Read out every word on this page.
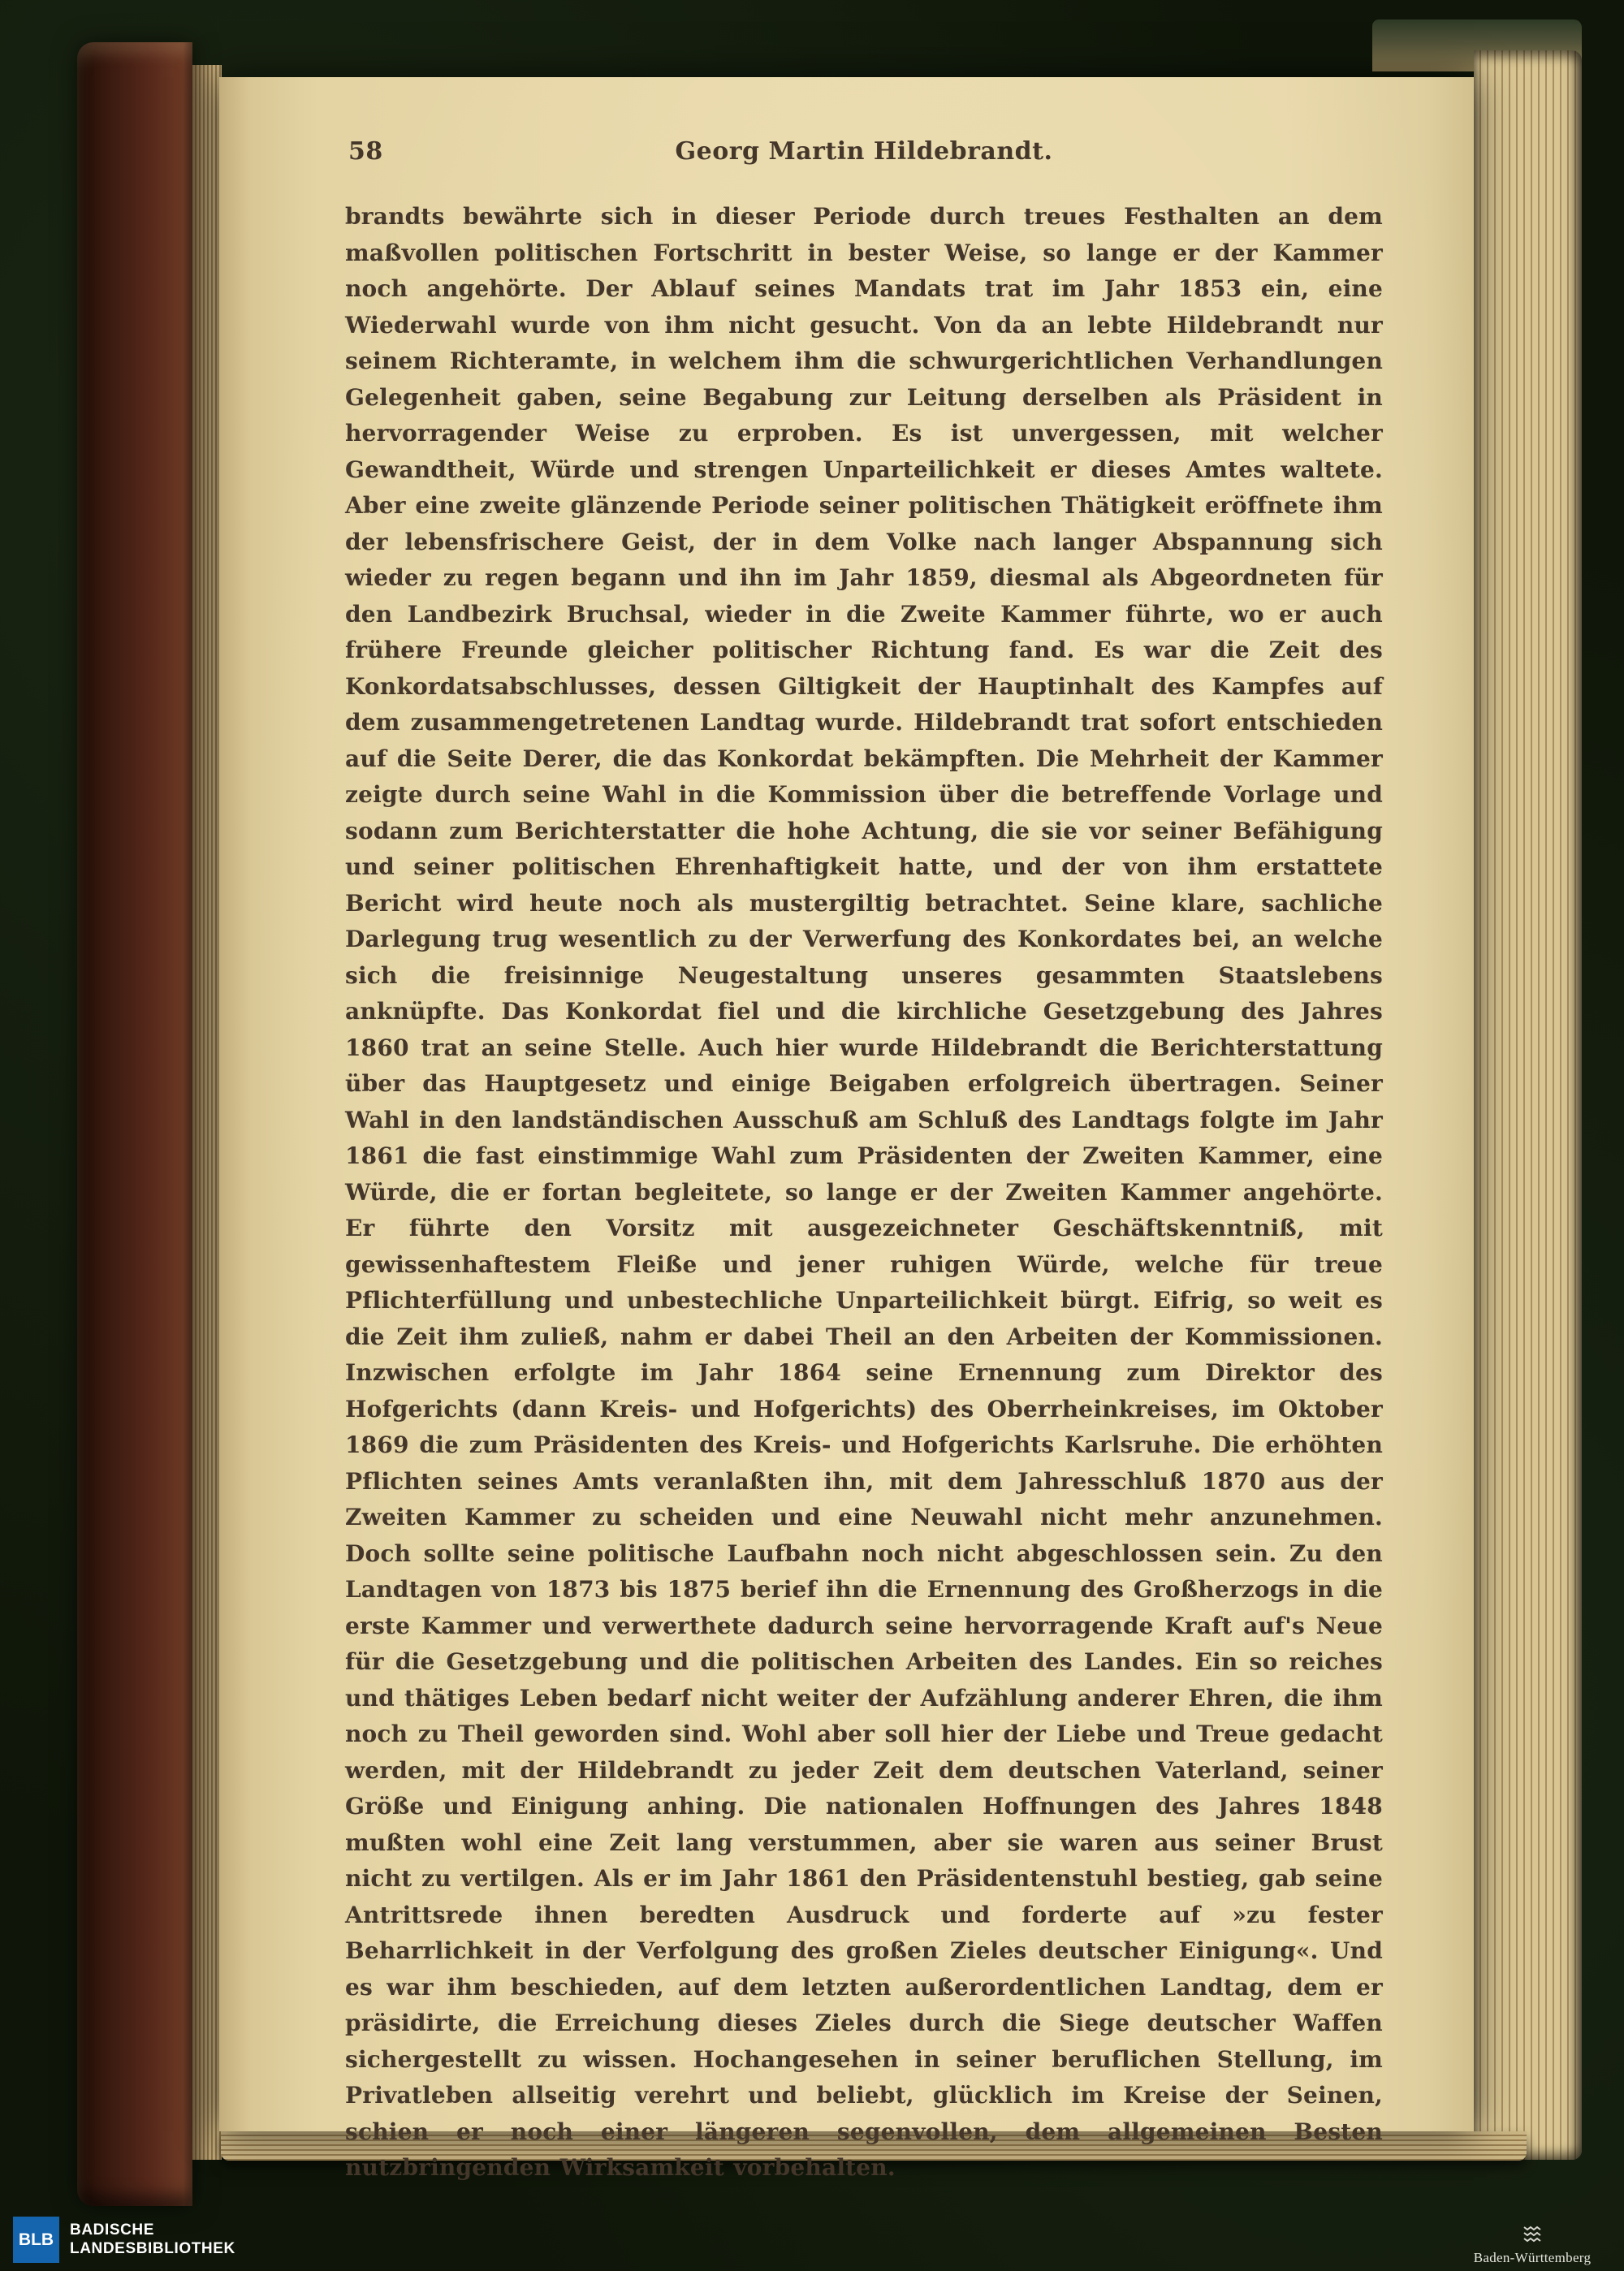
58	Georg Martin Hildebrandt.
brandts bewährte sich in dieser Periode durch treues Festhalten an dem maßvollen politischen Fortschritt in bester Weise, so lange er der Kammer noch angehörte. Der Ablauf seines Mandats trat im Jahr 1853 ein, eine Wiederwahl wurde von ihm nicht gesucht. Von da an lebte Hildebrandt nur seinem Richteramte, in welchem ihm die schwurgerichtlichen Verhandlungen Gelegenheit gaben, seine Begabung zur Leitung derselben als Präsident in hervorragender Weise zu erproben. Es ist unvergessen, mit welcher Gewandtheit, Würde und strengen Unparteilichkeit er dieses Amtes waltete. Aber eine zweite glänzende Periode seiner politischen Thätigkeit eröffnete ihm der lebensfrischere Geist, der in dem Volke nach langer Abspannung sich wieder zu regen begann und ihn im Jahr 1859, diesmal als Abgeordneten für den Landbezirk Bruchsal, wieder in die Zweite Kammer führte, wo er auch frühere Freunde gleicher politischer Richtung fand. Es war die Zeit des Konkordatsabschlusses, dessen Giltigkeit der Hauptinhalt des Kampfes auf dem zusammengetretenen Landtag wurde. Hildebrandt trat sofort entschieden auf die Seite Derer, die das Konkordat bekämpften. Die Mehrheit der Kammer zeigte durch seine Wahl in die Kommission über die betreffende Vorlage und sodann zum Berichterstatter die hohe Achtung, die sie vor seiner Befähigung und seiner politischen Ehrenhaftigkeit hatte, und der von ihm erstattete Bericht wird heute noch als mustergiltig betrachtet. Seine klare, sachliche Darlegung trug wesentlich zu der Verwerfung des Konkordates bei, an welche sich die freisinnige Neugestaltung unseres gesammten Staatslebens anknüpfte. Das Konkordat fiel und die kirchliche Gesetzgebung des Jahres 1860 trat an seine Stelle. Auch hier wurde Hildebrandt die Berichterstattung über das Hauptgesetz und einige Beigaben erfolgreich übertragen. Seiner Wahl in den landständischen Ausschuß am Schluß des Landtags folgte im Jahr 1861 die fast einstimmige Wahl zum Präsidenten der Zweiten Kammer, eine Würde, die er fortan begleitete, so lange er der Zweiten Kammer angehörte. Er führte den Vorsitz mit ausgezeichneter Geschäftskenntniß, mit gewissenhaftestem Fleiße und jener ruhigen Würde, welche für treue Pflichterfüllung und unbestechliche Unparteilichkeit bürgt. Eifrig, so weit es die Zeit ihm zuließ, nahm er dabei Theil an den Arbeiten der Kommissionen. Inzwischen erfolgte im Jahr 1864 seine Ernennung zum Direktor des Hofgerichts (dann Kreis- und Hofgerichts) des Oberrheinkreises, im Oktober 1869 die zum Präsidenten des Kreis- und Hofgerichts Karlsruhe. Die erhöhten Pflichten seines Amts veranlaßten ihn, mit dem Jahresschluß 1870 aus der Zweiten Kammer zu scheiden und eine Neuwahl nicht mehr anzunehmen. Doch sollte seine politische Laufbahn noch nicht abgeschlossen sein. Zu den Landtagen von 1873 bis 1875 berief ihn die Ernennung des Großherzogs in die erste Kammer und verwerthete dadurch seine hervorragende Kraft auf's Neue für die Gesetzgebung und die politischen Arbeiten des Landes. Ein so reiches und thätiges Leben bedarf nicht weiter der Aufzählung anderer Ehren, die ihm noch zu Theil geworden sind. Wohl aber soll hier der Liebe und Treue gedacht werden, mit der Hildebrandt zu jeder Zeit dem deutschen Vaterland, seiner Größe und Einigung anhing. Die nationalen Hoffnungen des Jahres 1848 mußten wohl eine Zeit lang verstummen, aber sie waren aus seiner Brust nicht zu vertilgen. Als er im Jahr 1861 den Präsidentenstuhl bestieg, gab seine Antrittsrede ihnen beredten Ausdruck und forderte auf »zu fester Beharrlichkeit in der Verfolgung des großen Zieles deutscher Einigung«. Und es war ihm beschieden, auf dem letzten außerordentlichen Landtag, dem er präsidirte, die Erreichung dieses Zieles durch die Siege deutscher Waffen sichergestellt zu wissen. Hochangesehen in seiner beruflichen Stellung, im Privatleben allseitig verehrt und beliebt, glücklich im Kreise der Seinen, schien er noch einer längeren segenvollen, dem allgemeinen Besten nutzbringenden Wirksamkeit vorbehalten.
BLB
BADISCHE
LANDESBIBLIOTHEK
Baden-Württemberg
